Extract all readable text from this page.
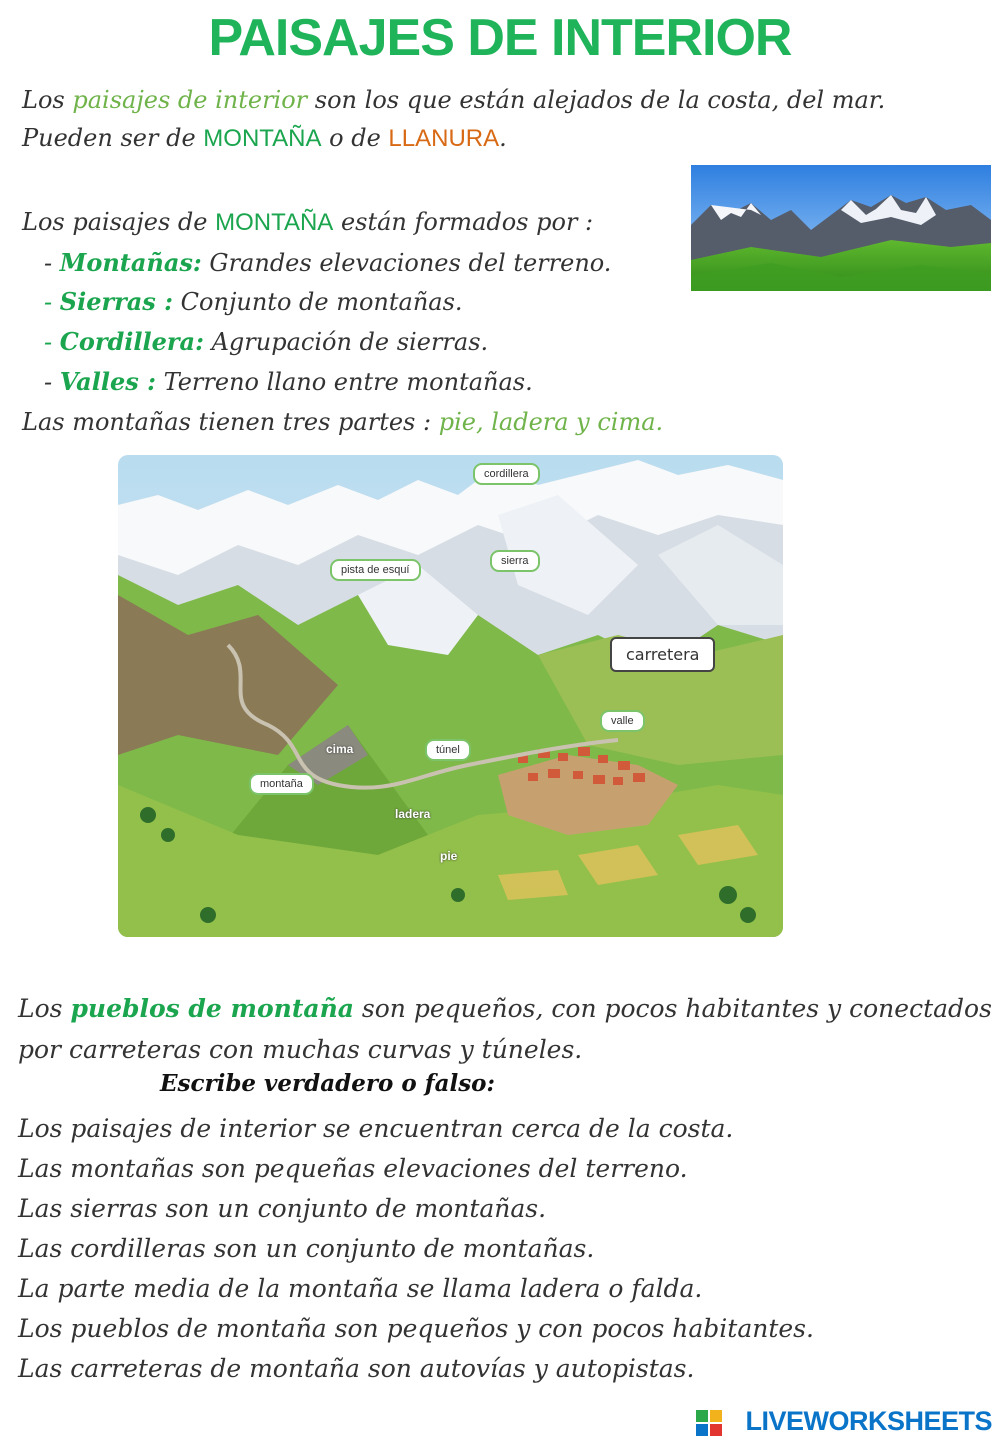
PAISAJES DE INTERIOR
Los paisajes de interior son los que están alejados de la costa, del mar.
Pueden ser de MONTAÑA o de LLANURA.
Los paisajes de MONTAÑA están formados por :
- Montañas: Grandes elevaciones del terreno.
- Sierras : Conjunto de montañas.
- Cordillera: Agrupación de sierras.
- Valles : Terreno llano entre montañas.
Las montañas tienen tres partes : pie, ladera y cima.
cordillera
pista de esquí
sierra
carretera
valle
túnel
montaña
cima
ladera
pie
Los pueblos de montaña son pequeños, con pocos habitantes y conectados
por carreteras con muchas curvas y túneles.
Escribe verdadero o falso:
Los paisajes de interior se encuentran cerca de la costa.
Las montañas son pequeñas elevaciones del terreno.
Las sierras son un conjunto de montañas.
Las cordilleras son un conjunto de montañas.
La parte media de la montaña se llama ladera o falda.
Los pueblos de montaña son pequeños y con pocos habitantes.
Las carreteras de montaña son autovías y autopistas.
LIVEWORKSHEETS
